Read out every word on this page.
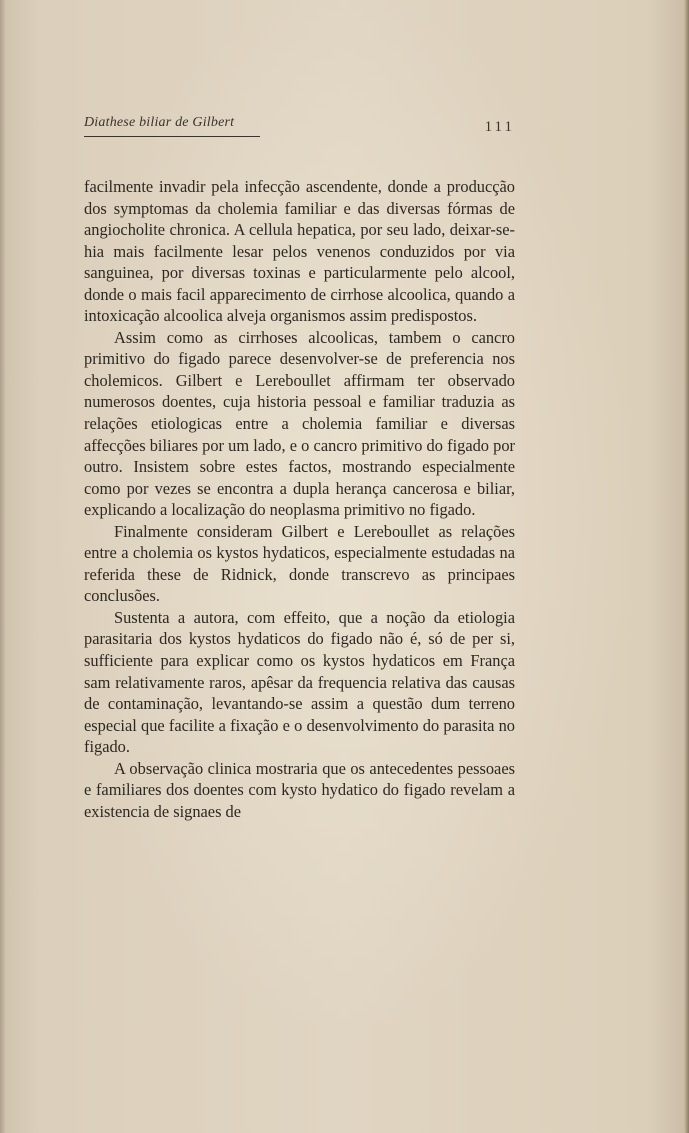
Diathese biliar de Gilbert	111

facilmente invadir pela infecção ascendente, donde a producção dos symptomas da cholemia familiar e das diversas fórmas de angiocholite chronica. A cellula hepatica, por seu lado, deixar-se-hia mais facilmente lesar pelos venenos conduzidos por via sanguinea, por diversas toxinas e particularmente pelo alcool, donde o mais facil apparecimento de cirrhose alcoolica, quando a intoxicação alcoolica alveja organismos assim predispostos.

Assim como as cirrhoses alcoolicas, tambem o cancro primitivo do figado parece desenvolver-se de preferencia nos cholemicos. Gilbert e Lereboullet affirmam ter observado numerosos doentes, cuja historia pessoal e familiar traduzia as relações etiologicas entre a cholemia familiar e diversas affecções biliares por um lado, e o cancro primitivo do figado por outro. Insistem sobre estes factos, mostrando especialmente como por vezes se encontra a dupla herança cancerosa e biliar, explicando a localização do neoplasma primitivo no figado.

Finalmente consideram Gilbert e Lereboullet as relações entre a cholemia os kystos hydaticos, especialmente estudadas na referida these de Ridnick, donde transcrevo as principaes conclusões.

Sustenta a autora, com effeito, que a noção da etiologia parasitaria dos kystos hydaticos do figado não é, só de per si, sufficiente para explicar como os kystos hydaticos em França sam relativamente raros, apêsar da frequencia relativa das causas de contaminação, levantando-se assim a questão dum terreno especial que facilite a fixação e o desenvolvimento do parasita no figado.

A observação clinica mostraria que os antecedentes pessoaes e familiares dos doentes com kysto hydatico do figado revelam a existencia de signaes de
